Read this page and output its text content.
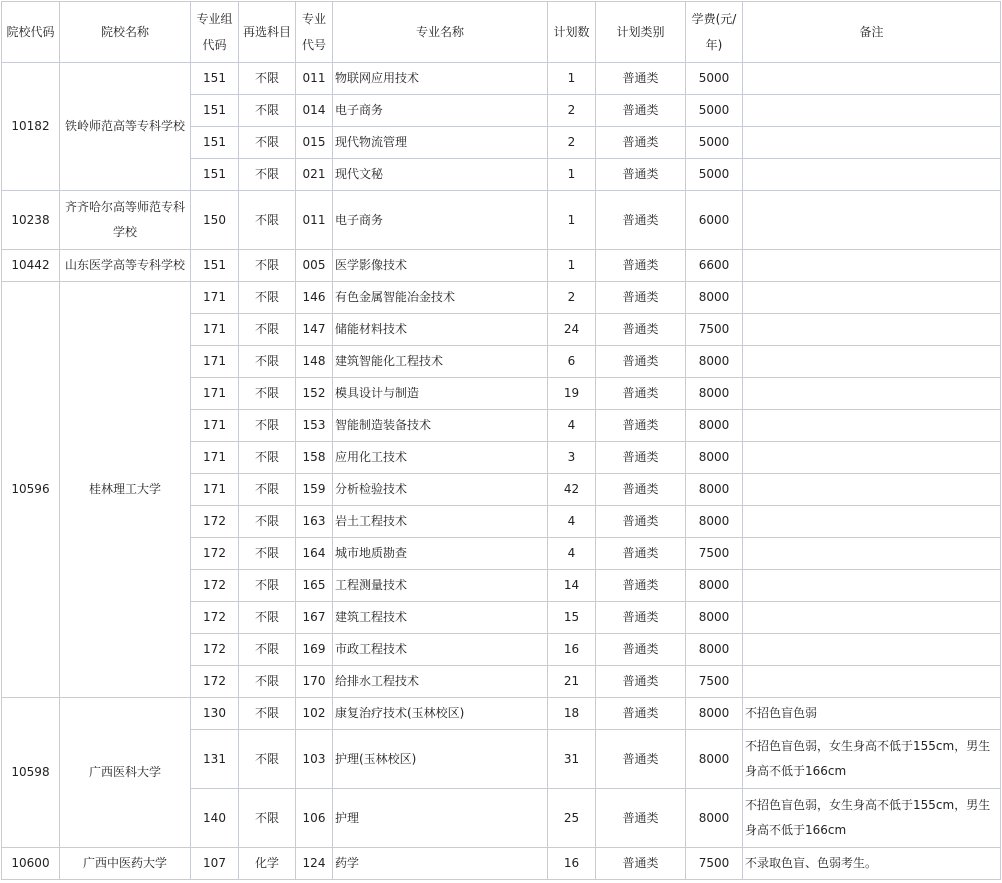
院校代码	院校名称	专业组代码	再选科目	专业代号	专业名称	计划数	计划类别	学费(元/年)	备注
10182	铁岭师范高等专科学校	151	不限	011	物联网应用技术	1	普通类	5000	
		151	不限	014	电子商务	2	普通类	5000	
		151	不限	015	现代物流管理	2	普通类	5000	
		151	不限	021	现代文秘	1	普通类	5000	
10238	齐齐哈尔高等师范专科学校	150	不限	011	电子商务	1	普通类	6000	
10442	山东医学高等专科学校	151	不限	005	医学影像技术	1	普通类	6600	
10596	桂林理工大学	171	不限	146	有色金属智能冶金技术	2	普通类	8000	
		171	不限	147	储能材料技术	24	普通类	7500	
		171	不限	148	建筑智能化工程技术	6	普通类	8000	
		171	不限	152	模具设计与制造	19	普通类	8000	
		171	不限	153	智能制造装备技术	4	普通类	8000	
		171	不限	158	应用化工技术	3	普通类	8000	
		171	不限	159	分析检验技术	42	普通类	8000	
		172	不限	163	岩土工程技术	4	普通类	8000	
		172	不限	164	城市地质勘查	4	普通类	7500	
		172	不限	165	工程测量技术	14	普通类	8000	
		172	不限	167	建筑工程技术	15	普通类	8000	
		172	不限	169	市政工程技术	16	普通类	8000	
		172	不限	170	给排水工程技术	21	普通类	7500	
10598	广西医科大学	130	不限	102	康复治疗技术(玉林校区)	18	普通类	8000	不招色盲色弱
		131	不限	103	护理(玉林校区)	31	普通类	8000	不招色盲色弱，女生身高不低于155cm，男生身高不低于166cm
		140	不限	106	护理	25	普通类	8000	不招色盲色弱，女生身高不低于155cm，男生身高不低于166cm
10600	广西中医药大学	107	化学	124	药学	16	普通类	7500	不录取色盲、色弱考生。
